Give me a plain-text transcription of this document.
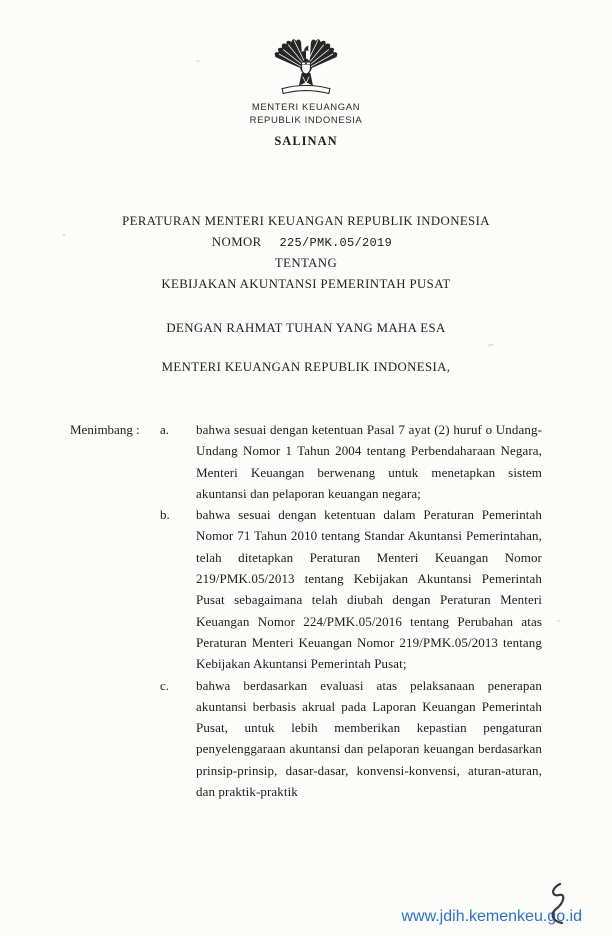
MENTERI KEUANGAN
REPUBLIK INDONESIA
SALINAN
PERATURAN MENTERI KEUANGAN REPUBLIK INDONESIA
NOMOR 225/PMK.05/2019
TENTANG
KEBIJAKAN AKUNTANSI PEMERINTAH PUSAT
DENGAN RAHMAT TUHAN YANG MAHA ESA
MENTERI KEUANGAN REPUBLIK INDONESIA,
Menimbang :	a.	bahwa sesuai dengan ketentuan Pasal 7 ayat (2) huruf o Undang-Undang Nomor 1 Tahun 2004 tentang Perbendaharaan Negara, Menteri Keuangan berwenang untuk menetapkan sistem akuntansi dan pelaporan keuangan negara;
b.	bahwa sesuai dengan ketentuan dalam Peraturan Pemerintah Nomor 71 Tahun 2010 tentang Standar Akuntansi Pemerintahan, telah ditetapkan Peraturan Menteri Keuangan Nomor 219/PMK.05/2013 tentang Kebijakan Akuntansi Pemerintah Pusat sebagaimana telah diubah dengan Peraturan Menteri Keuangan Nomor 224/PMK.05/2016 tentang Perubahan atas Peraturan Menteri Keuangan Nomor 219/PMK.05/2013 tentang Kebijakan Akuntansi Pemerintah Pusat;
c.	bahwa berdasarkan evaluasi atas pelaksanaan penerapan akuntansi berbasis akrual pada Laporan Keuangan Pemerintah Pusat, untuk lebih memberikan kepastian pengaturan penyelenggaraan akuntansi dan pelaporan keuangan berdasarkan prinsip-prinsip, dasar-dasar, konvensi-konvensi, aturan-aturan, dan praktik-praktik
www.jdih.kemenkeu.go.id
